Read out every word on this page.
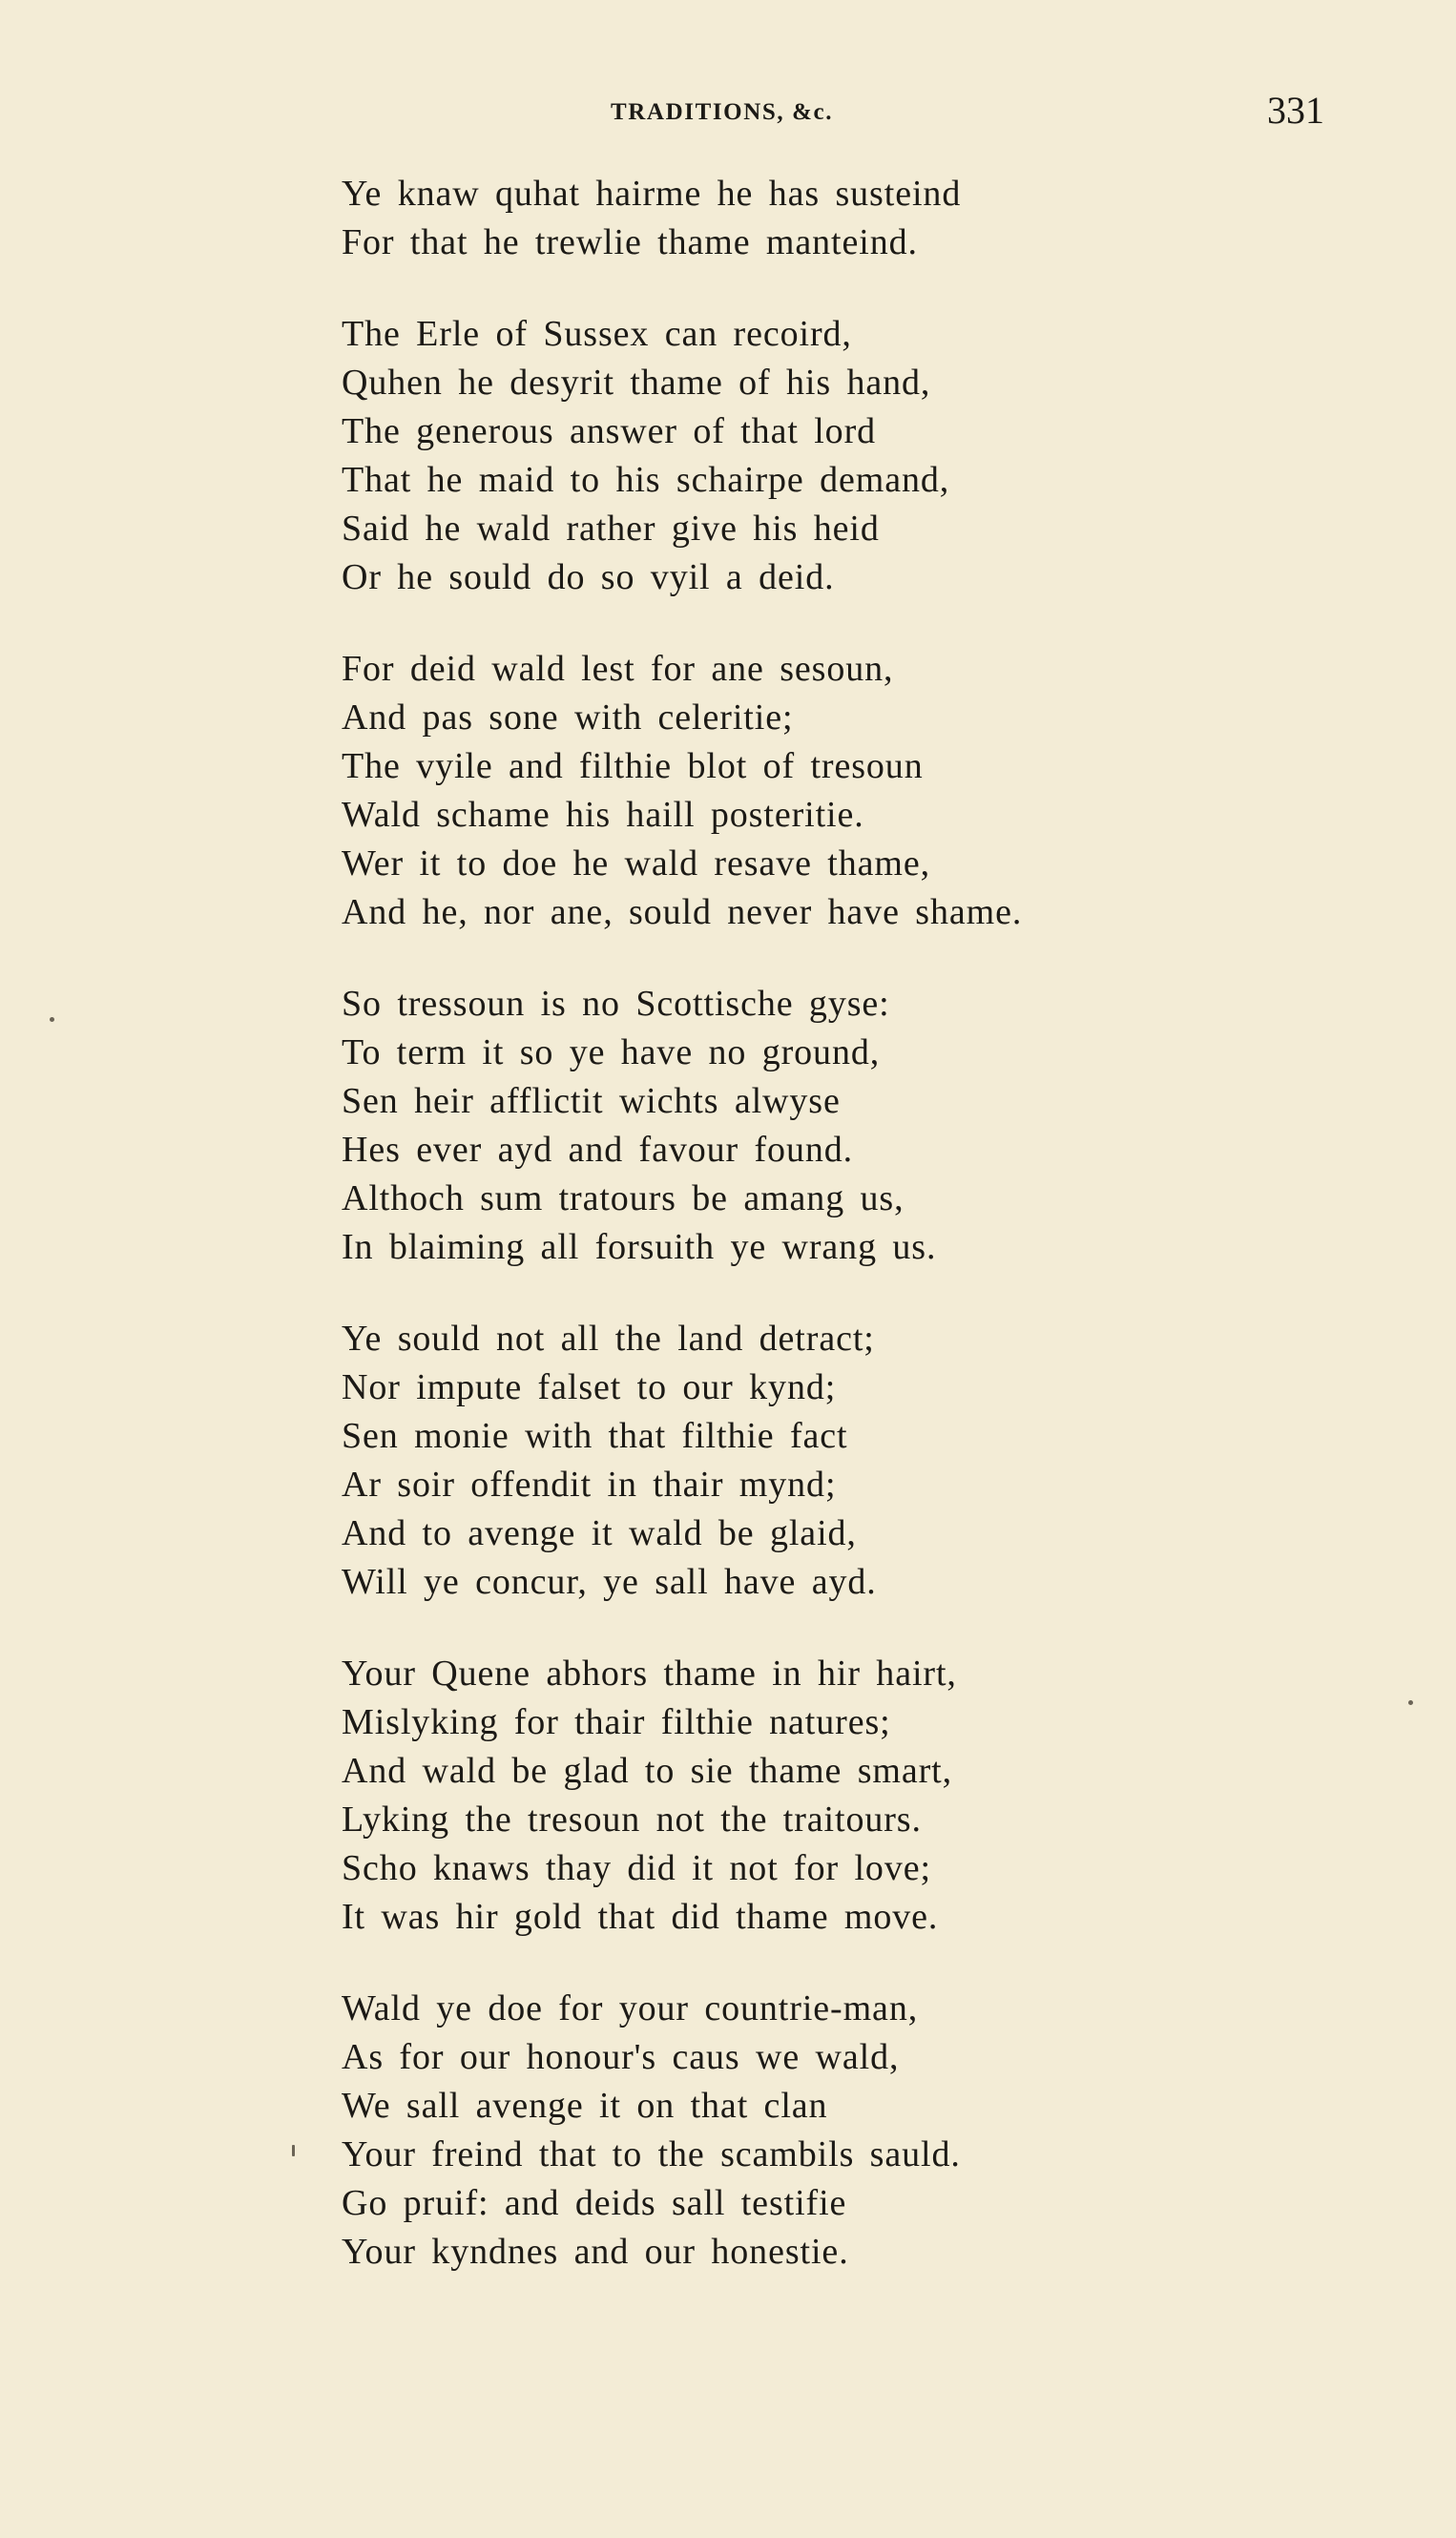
TRADITIONS, &c.	331
Ye knaw quhat hairme he has susteind
For that he trewlie thame manteind.
The Erle of Sussex can recoird,
Quhen he desyrit thame of his hand,
The generous answer of that lord
That he maid to his schairpe demand,
Said he wald rather give his heid
Or he sould do so vyil a deid.
For deid wald lest for ane sesoun,
And pas sone with celeritie;
The vyile and filthie blot of tresoun
Wald schame his haill posteritie.
Wer it to doe he wald resave thame,
And he, nor ane, sould never have shame.
So tressoun is no Scottische gyse:
To term it so ye have no ground,
Sen heir afflictit wichts alwyse
Hes ever ayd and favour found.
Althoch sum tratours be amang us,
In blaiming all forsuith ye wrang us.
Ye sould not all the land detract;
Nor impute falset to our kynd;
Sen monie with that filthie fact
Ar soir offendit in thair mynd;
And to avenge it wald be glaid,
Will ye concur, ye sall have ayd.
Your Quene abhors thame in hir hairt,
Mislyking for thair filthie natures;
And wald be glad to sie thame smart,
Lyking the tresoun not the traitours.
Scho knaws thay did it not for love;
It was hir gold that did thame move.
Wald ye doe for your countrie-man,
As for our honour's caus we wald,
We sall avenge it on that clan
Your freind that to the scambils sauld.
Go pruif: and deids sall testifie
Your kyndnes and our honestie.
